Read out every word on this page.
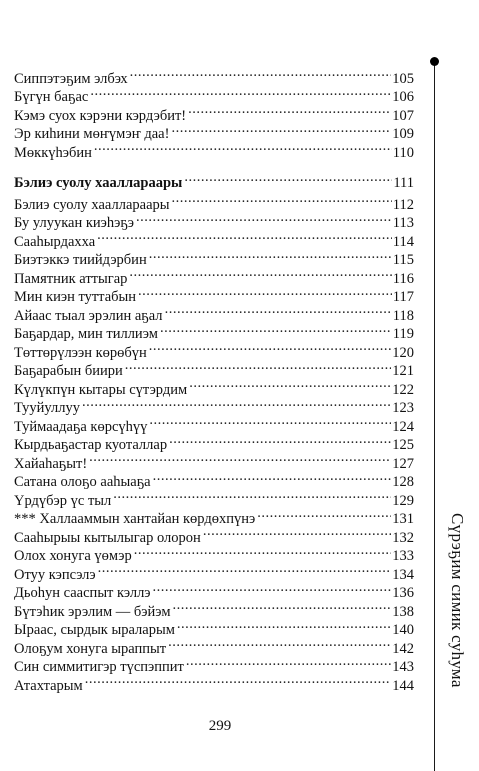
Сиппэтэҕим элбэх .....	105
Бүгүн баҕас .....	106
Кэмэ суох кэрэни кэрдэбит! .....	107
Эр киһини мөҥүмэҥ даа! .....	109
Мөккүһэбин .....	110
Бэлиэ суолу хааллараары .....	111
Бэлиэ суолу хааллараары .....	112
Бу улуукан киэһэҕэ .....	113
Сааһырдахха .....	114
Биэтэккэ тиийдэрбин .....	115
Памятник аттыгар .....	116
Мин киэн туттабын .....	117
Айаас тыал эрэлин аҕал .....	118
Баҕардар, мин тиллиэм .....	119
Төттөрүлээн көрөбүн .....	120
Баҕарабын биири .....	121
Күлүкпүн кытары сүтэрдим .....	122
Тууйуллуу .....	123
Туймаадаҕа көрсүһүү .....	124
Кырдьаҕастар куоталлар .....	125
Хайаһаҕыт! .....	127
Сатана олоҕо ааһыаҕа .....	128
Үрдүбэр үс тыл .....	129
*** Халлааммын хантайан көрдөхпүнэ .....	131
Сааһырыы кытылыгар олорон .....	132
Олох хонуга үөмэр .....	133
Отуу кэпсэлэ .....	134
Дьоһун сааспыт кэллэ .....	136
Бүтэһик эрэлим — бэйэм .....	138
Ыраас, сырдык ыраларым .....	140
Олоҕум хонуга ыраппыт .....	142
Син симмитигэр түспэппит .....	143
Атахтарым .....	144
299
Сүрэҕим симик суһума
